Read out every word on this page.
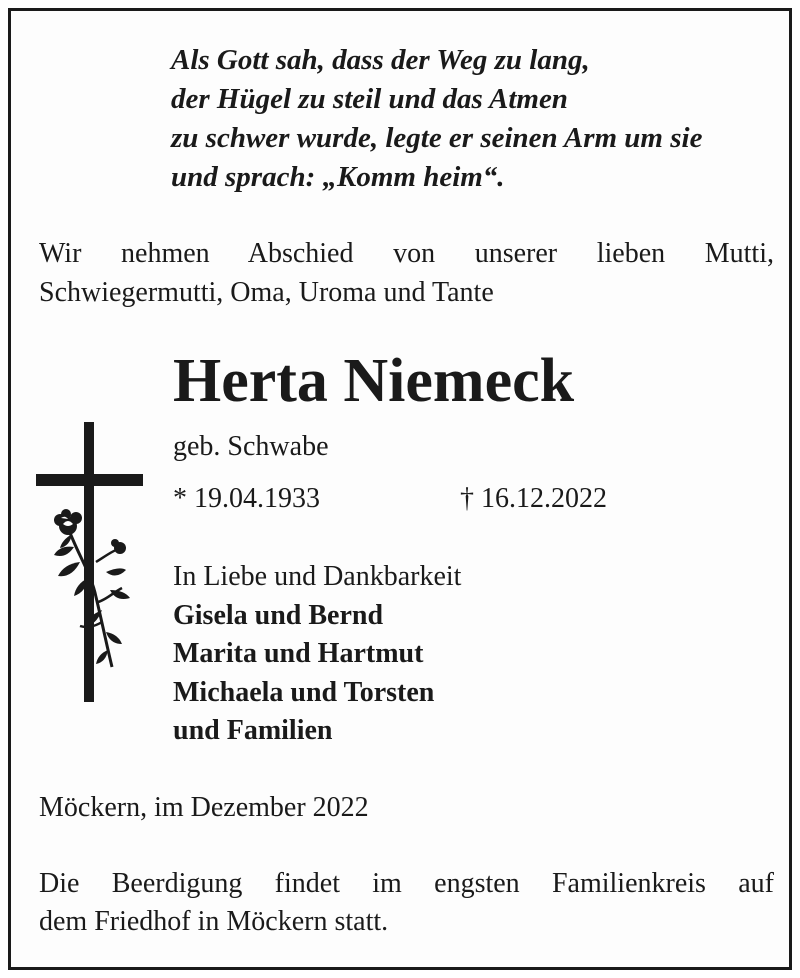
Als Gott sah, dass der Weg zu lang,
der Hügel zu steil und das Atmen
zu schwer wurde, legte er seinen Arm um sie
und sprach: „Komm heim“.
Wir nehmen Abschied von unserer lieben Mutti,
Schwiegermutti, Oma, Uroma und Tante
Herta Niemeck
geb. Schwabe
* 19.04.1933	† 16.12.2022
In Liebe und Dankbarkeit
Gisela und Bernd
Marita und Hartmut
Michaela und Torsten
und Familien
Möckern, im Dezember 2022
Die Beerdigung findet im engsten Familienkreis auf
dem Friedhof in Möckern statt.
